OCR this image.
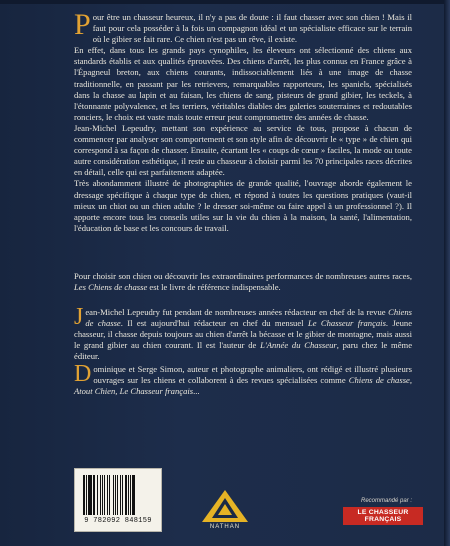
Pour être un chasseur heureux, il n'y a pas de doute : il faut chasser avec son chien ! Mais il faut pour cela posséder à la fois un compagnon idéal et un spécialiste efficace sur le terrain où le gibier se fait rare. Ce chien n'est pas un rêve, il existe.

En effet, dans tous les grands pays cynophiles, les éleveurs ont sélectionné des chiens aux standards établis et aux qualités éprouvées. Des chiens d'arrêt, les plus connus en France grâce à l'Épagneul breton, aux chiens courants, indissociablement liés à une image de chasse traditionnelle, en passant par les retrievers, remarquables rapporteurs, les spaniels, spécialisés dans la chasse au lapin et au faisan, les chiens de sang, pisteurs de grand gibier, les teckels, à l'étonnante polyvalence, et les terriers, véritables diables des galeries souterraines et redoutables ronciers, le choix est vaste mais toute erreur peut compromettre des années de chasse.

Jean-Michel Lepeudry, mettant son expérience au service de tous, propose à chacun de commencer par analyser son comportement et son style afin de découvrir le « type » de chien qui correspond à sa façon de chasser. Ensuite, écartant les « coups de cœur » faciles, la mode ou toute autre considération esthétique, il reste au chasseur à choisir parmi les 70 principales races décrites en détail, celle qui est parfaitement adaptée.

Très abondamment illustré de photographies de grande qualité, l'ouvrage aborde également le dressage spécifique à chaque type de chien, et répond à toutes les questions pratiques (vaut-il mieux un chiot ou un chien adulte ? le dresser soi-même ou faire appel à un professionnel ?). Il apporte encore tous les conseils utiles sur la vie du chien à la maison, la santé, l'alimentation, l'éducation de base et les concours de travail.

Pour choisir son chien ou découvrir les extraordinaires performances de nombreuses autres races, Les Chiens de chasse est le livre de référence indispensable.

Jean-Michel Lepeudry fut pendant de nombreuses années rédacteur en chef de la revue Chiens de chasse. Il est aujourd'hui rédacteur en chef du mensuel Le Chasseur français. Jeune chasseur, il chasse depuis toujours au chien d'arrêt la bécasse et le gibier de montagne, mais aussi le grand gibier au chien courant. Il est l'auteur de L'Année du Chasseur, paru chez le même éditeur.

Dominique et Serge Simon, auteur et photographe animaliers, ont rédigé et illustré plusieurs ouvrages sur les chiens et collaborent à des revues spécialisées comme Chiens de chasse, Atout Chien, Le Chasseur français...

9 782092 848159
NATHAN
Recommandé par :
LE CHASSEUR FRANÇAIS
